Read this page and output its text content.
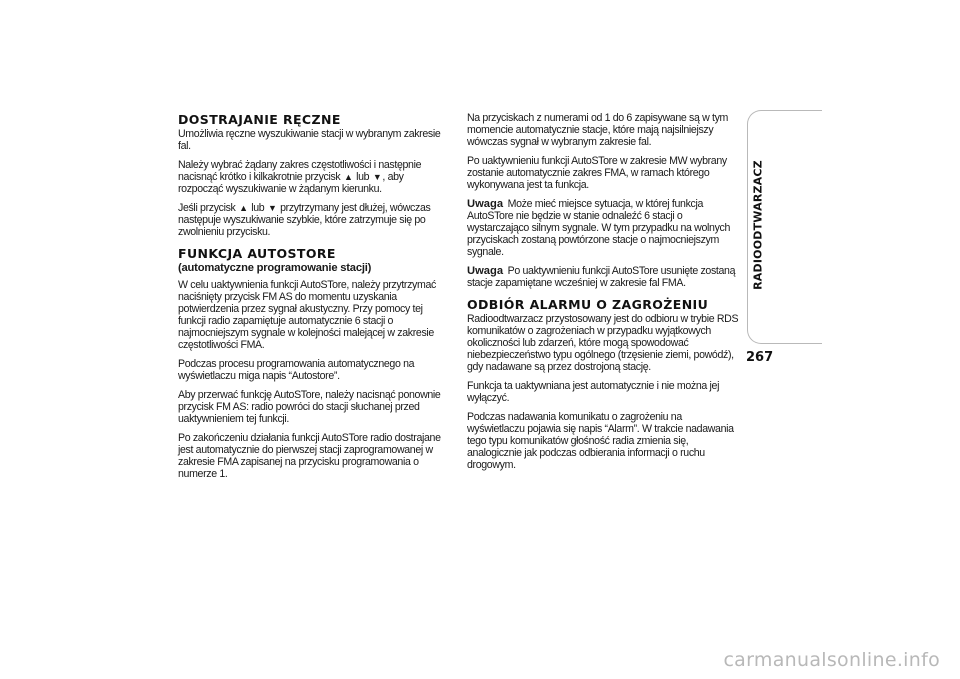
DOSTRAJANIE RĘCZNE

Umożliwia ręczne wyszukiwanie stacji w wybranym zakresie fal.

Należy wybrać żądany zakres częstotliwości i następnie nacisnąć krótko i kilkakrotnie przycisk ▲ lub ▼, aby rozpocząć wyszukiwanie w żądanym kierunku.

Jeśli przycisk ▲ lub ▼ przytrzymany jest dłużej, wówczas następuje wyszukiwanie szybkie, które zatrzymuje się po zwolnieniu przycisku.

FUNKCJA AUTOSTORE
(automatyczne programowanie stacji)

W celu uaktywnienia funkcji AutoSTore, należy przytrzymać naciśnięty przycisk FM AS do momentu uzyskania potwierdzenia przez sygnał akustyczny. Przy pomocy tej funkcji radio zapamiętuje automatycznie 6 stacji o najmocniejszym sygnale w kolejności malejącej w zakresie częstotliwości FMA.

Podczas procesu programowania automatycznego na wyświetlaczu miga napis “Autostore”.

Aby przerwać funkcję AutoSTore, należy nacisnąć ponownie przycisk FM AS: radio powróci do stacji słuchanej przed uaktywnieniem tej funkcji.

Po zakończeniu działania funkcji AutoSTore radio dostrajane jest automatycznie do pierwszej stacji zaprogramowanej w zakresie FMA zapisanej na przycisku programowania o numerze 1.

Na przyciskach z numerami od 1 do 6 zapisywane są w tym momencie automatycznie stacje, które mają najsilniejszy wówczas sygnał w wybranym zakresie fal.

Po uaktywnieniu funkcji AutoSTore w zakresie MW wybrany zostanie automatycznie zakres FMA, w ramach którego wykonywana jest ta funkcja.

Uwaga Może mieć miejsce sytuacja, w której funkcja AutoSTore nie będzie w stanie odnaleźć 6 stacji o wystarczająco silnym sygnale. W tym przypadku na wolnych przyciskach zostaną powtórzone stacje o najmocniejszym sygnale.

Uwaga Po uaktywnieniu funkcji AutoSTore usunięte zostaną stacje zapamiętane wcześniej w zakresie fal FMA.

ODBIÓR ALARMU O ZAGROŻENIU

Radioodtwarzacz przystosowany jest do odbioru w trybie RDS komunikatów o zagrożeniach w przypadku wyjątkowych okoliczności lub zdarzeń, które mogą spowodować niebezpieczeństwo typu ogólnego (trzęsienie ziemi, powódź), gdy nadawane są przez dostrojoną stację.

Funkcja ta uaktywniana jest automatycznie i nie można jej wyłączyć.

Podczas nadawania komunikatu o zagrożeniu na wyświetlaczu pojawia się napis “Alarm”. W trakcie nadawania tego typu komunikatów głośność radia zmienia się, analogicznie jak podczas odbierania informacji o ruchu drogowym.

RADIOODTWARZACZ
267
carmanualsonline.info
